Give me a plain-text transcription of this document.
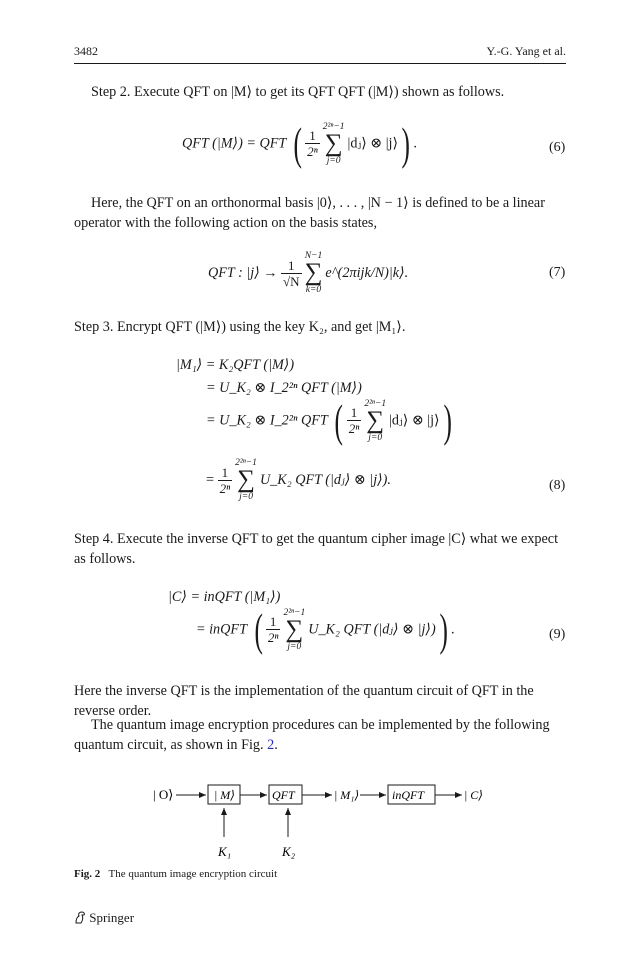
3482	Y.-G. Yang et al.
Step 2. Execute QFT on |M⟩ to get its QFT QFT (|M⟩) shown as follows.
QFT (|M⟩) = QFT ( $\frac{1}{\text{2ⁿ}}$
2²ⁿ−1
∑
j=0
|dⱼ⟩ ⊗ |j⟩) .	(6)
Here, the QFT on an orthonormal basis |0⟩, . . . , |N − 1⟩ is defined to be a linear operator with the following action on the basis states,
QFT : |j⟩ → $\frac{1}{√N}$
N−1
∑
k=0
e^(2πijk/N)|k⟩.	(7)
Step 3. Encrypt QFT (|M⟩) using the key K₂, and get |M₁⟩.
|M₁⟩ = K₂QFT (|M⟩)
= U_K₂ ⊗ I_2²ⁿ QFT (|M⟩)
= U_K₂ ⊗ I_2²ⁿ QFT ( $\frac{1}{\text{2ⁿ}}$
2²ⁿ−1
∑
j=0
|dⱼ⟩ ⊗ |j⟩)
= $\frac{1}{\text{2ⁿ}}$
2²ⁿ−1
∑
j=0
U_K₂ QFT (|dⱼ⟩ ⊗ |j⟩).	(8)
Step 4. Execute the inverse QFT to get the quantum cipher image |C⟩ what we expect as follows.
|C⟩ = inQFT (|M₁⟩)
= inQFT ( $\frac{1}{\text{2ⁿ}}$
2²ⁿ−1
∑
j=0
U_K₂ QFT (|dⱼ⟩ ⊗ |j⟩)) .	(9)
Here the inverse QFT is the implementation of the quantum circuit of QFT in the reverse order.
The quantum image encryption procedures can be implemented by the following quantum circuit, as shown in Fig. 2.
| O⟩	| M⟩	QFT	| M₁⟩	inQFT	| C⟩
K₁	K₂
Fig. 2 The quantum image encryption circuit
Springer
